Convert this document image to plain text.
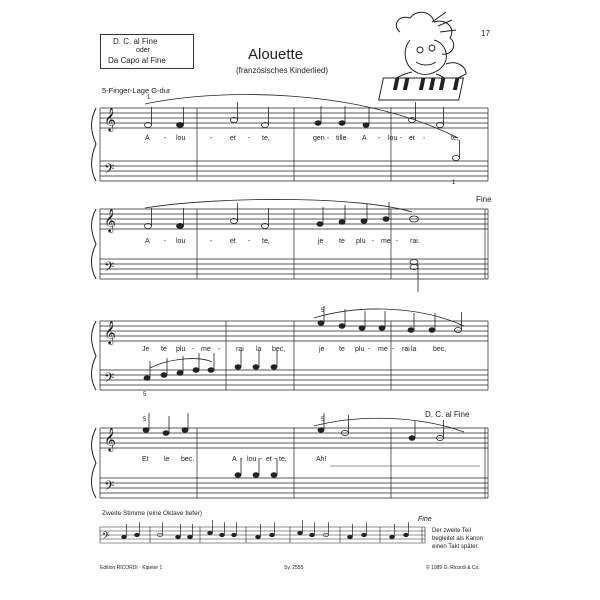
D. C. al Fine
oder
Da Capo al Fine	Alouette
(französisches Kinderlied)
17
5-Finger-Lage G-dur
𝄞
𝄢
1
1
A - lou	-	et - te,	gen - tille A - lou - et -	te,
𝄞
𝄢
Fine
A - lou	-	et - te,	je te plu - me - rai.
𝄞
𝄢
5
5
Je te plu - me - rai la bec,	je te plu - me - rai la bec,
𝄞
𝄢
5	5
D. C. al Fine
Et le bec,	A - lou - et - te,	Ah!
Zweite Stimme (eine Oktave tiefer)
𝄢
Fine
Der zweite Teil
begleitet als Kanon
einen Takt später.
Edition RICORDI · Kipeter 1	Sy. 2555	© 1989 G. Ricordi & Co.
